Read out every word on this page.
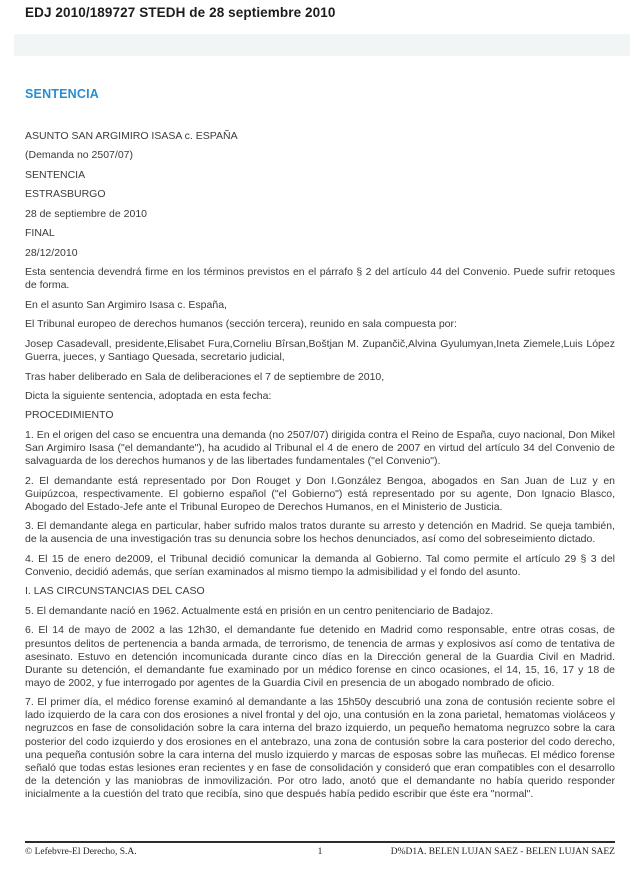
EDJ 2010/189727 STEDH de 28 septiembre 2010
SENTENCIA

ASUNTO SAN ARGIMIRO ISASA c. ESPAÑA

(Demanda no 2507/07)

SENTENCIA

ESTRASBURGO

28 de septiembre de 2010

FINAL

28/12/2010

Esta sentencia devendrá firme en los términos previstos en el párrafo § 2 del artículo 44 del Convenio. Puede sufrir retoques de forma.

En el asunto San Argimiro Isasa c. España,

El Tribunal europeo de derechos humanos (sección tercera), reunido en sala compuesta por:

Josep Casadevall, presidente,Elisabet Fura,Corneliu Bîrsan,Boštjan M. Zupančič,Alvina Gyulumyan,Ineta Ziemele,Luis López Guerra, jueces, y Santiago Quesada, secretario judicial,

Tras haber deliberado en Sala de deliberaciones el 7 de septiembre de 2010,

Dicta la siguiente sentencia, adoptada en esta fecha:

PROCEDIMIENTO

1. En el origen del caso se encuentra una demanda (no 2507/07) dirigida contra el Reino de España, cuyo nacional, Don Mikel San Argimiro Isasa ("el demandante"), ha acudido al Tribunal el 4 de enero de 2007 en virtud del artículo 34 del Convenio de salvaguarda de los derechos humanos y de las libertades fundamentales ("el Convenio").

2. El demandante está representado por Don Rouget y Don I.González Bengoa, abogados en San Juan de Luz y en Guipúzcoa, respectivamente. El gobierno español ("el Gobierno") está representado por su agente, Don Ignacio Blasco, Abogado del Estado-Jefe ante el Tribunal Europeo de Derechos Humanos, en el Ministerio de Justicia.

3. El demandante alega en particular, haber sufrido malos tratos durante su arresto y detención en Madrid. Se queja también, de la ausencia de una investigación tras su denuncia sobre los hechos denunciados, así como del sobreseimiento dictado.

4. El 15 de enero de2009, el Tribunal decidió comunicar la demanda al Gobierno. Tal como permite el artículo 29 § 3 del Convenio, decidió además, que serían examinados al mismo tiempo la admisibilidad y el fondo del asunto.

I. LAS CIRCUNSTANCIAS DEL CASO

5. El demandante nació en 1962. Actualmente está en prisión en un centro penitenciario de Badajoz.

6. El 14 de mayo de 2002 a las 12h30, el demandante fue detenido en Madrid como responsable, entre otras cosas, de presuntos delitos de pertenencia a banda armada, de terrorismo, de tenencia de armas y explosivos así como de tentativa de asesinato. Estuvo en detención incomunicada durante cinco días en la Dirección general de la Guardia Civil en Madrid. Durante su detención, el demandante fue examinado por un médico forense en cinco ocasiones, el 14, 15, 16, 17 y 18 de mayo de 2002, y fue interrogado por agentes de la Guardia Civil en presencia de un abogado nombrado de oficio.

7. El primer día, el médico forense examinó al demandante a las 15h50y descubrió una zona de contusión reciente sobre el lado izquierdo de la cara con dos erosiones a nivel frontal y del ojo, una contusión en la zona parietal, hematomas violáceos y negruzcos en fase de consolidación sobre la cara interna del brazo izquierdo, un pequeño hematoma negruzco sobre la cara posterior del codo izquierdo y dos erosiones en el antebrazo, una zona de contusión sobre la cara posterior del codo derecho, una pequeña contusión sobre la cara interna del muslo izquierdo y marcas de esposas sobre las muñecas. El médico forense señaló que todas estas lesiones eran recientes y en fase de consolidación y consideró que eran compatibles con el desarrollo de la detención y las maniobras de inmovilización. Por otro lado, anotó que el demandante no había querido responder inicialmente a la cuestión del trato que recibía, sino que después había pedido escribir que éste era "normal".

© Lefebvre-El Derecho, S.A.	1	D%D1A. BELEN LUJAN SAEZ - BELEN LUJAN SAEZ
